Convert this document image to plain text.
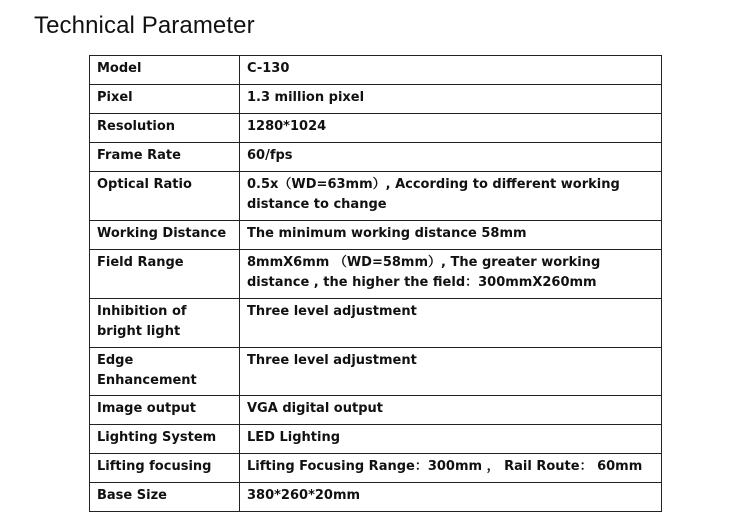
Technical Parameter
Model	C-130
Pixel	1.3 million pixel
Resolution	1280*1024
Frame Rate	60/fps
Optical Ratio	0.5x（WD=63mm）, According to different working distance to change
Working Distance	The minimum working distance 58mm
Field Range	8mmX6mm （WD=58mm）, The greater working distance , the higher the field：300mmX260mm
Inhibition of bright light	Three level adjustment
Edge Enhancement	Three level adjustment
Image output	VGA digital output
Lighting System	LED Lighting
Lifting focusing	Lifting Focusing Range：300mm ， Rail Route： 60mm
Base Size	380*260*20mm
